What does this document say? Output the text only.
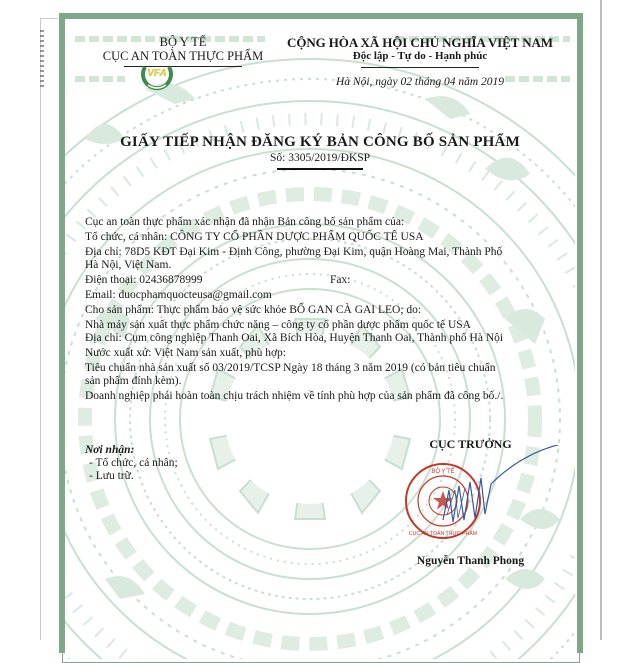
BỘ Y TẾ
CỤC AN TOÀN THỰC PHẨM
VFA
CỘNG HÒA XÃ HỘI CHỦ NGHĨA VIỆT NAM
Độc lập - Tự do - Hạnh phúc
Hà Nội, ngày 02 tháng 04 năm 2019
GIẤY TIẾP NHẬN ĐĂNG KÝ BẢN CÔNG BỐ SẢN PHẨM
Số: 3305/2019/ĐKSP

Cục an toàn thực phẩm xác nhận đã nhận Bản công bố sản phẩm của:

Tổ chức, cá nhân: CÔNG TY CỔ PHẦN DƯỢC PHẨM QUỐC TẾ USA

Địa chỉ: 78D5 KĐT Đại Kim - Định Công, phường Đại Kim, quận Hoàng Mai, Thành Phố

Hà Nội, Việt Nam.

Điện thoại: 02436878999	Fax:

Email: duocphamquocteusa@gmail.com

Cho sản phẩm: Thực phẩm bảo vệ sức khỏe BỔ GAN CÀ GAI LEO; do:

Nhà máy sản xuất thực phẩm chức năng – công ty cổ phần dược phẩm quốc tế USA

Địa chỉ: Cụm công nghiệp Thanh Oai, Xã Bích Hòa, Huyện Thanh Oai, Thành phố Hà Nội

Nước xuất xứ: Việt Nam sản xuất, phù hợp:

Tiêu chuẩn nhà sản xuất số 03/2019/TCSP Ngày 18 tháng 3 năm 2019 (có bản tiêu chuẩn

sản phẩm đính kèm).

Doanh nghiệp phải hoàn toàn chịu trách nhiệm về tính phù hợp của sản phẩm đã công bố./.

Nơi nhận:
- Tổ chức, cá nhân;
- Lưu trữ.
CỤC TRƯỞNG
BỘ Y TẾ
CỤC AN TOÀN THỰC PHẨM
Nguyễn Thanh Phong
